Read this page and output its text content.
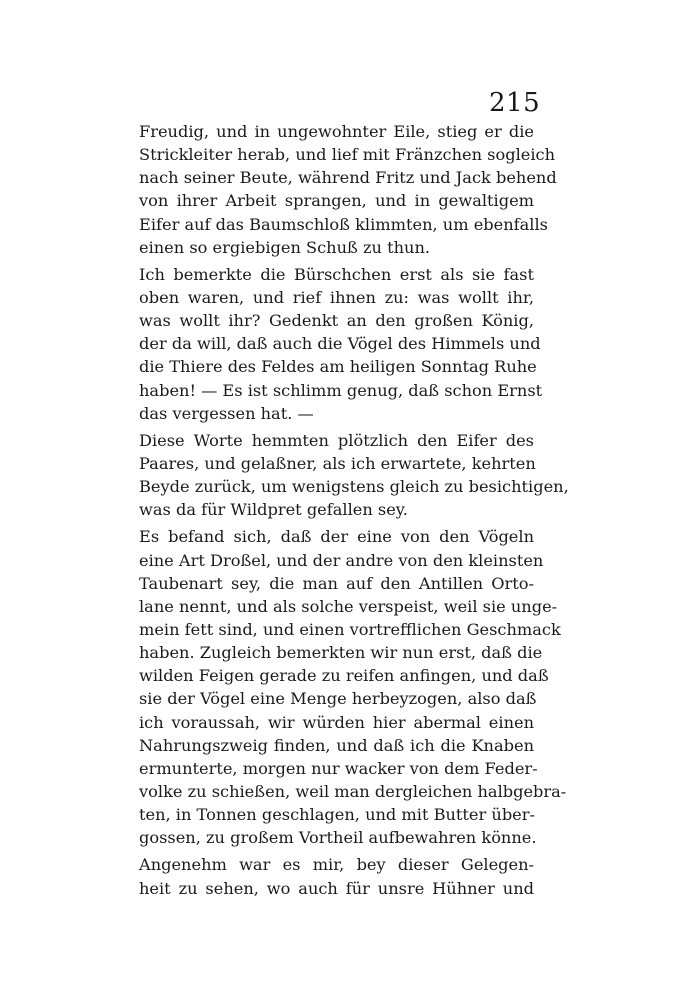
215
Freudig, und in ungewohnter Eile, stieg er die
Strickleiter herab, und lief mit Fränzchen sogleich
nach seiner Beute, während Fritz und Jack behend
von ihrer Arbeit sprangen, und in gewaltigem
Eifer auf das Baumschloß klimmten, um ebenfalls
einen so ergiebigen Schuß zu thun.
Ich bemerkte die Bürschchen erst als sie fast
oben waren, und rief ihnen zu: was wollt ihr,
was wollt ihr? Gedenkt an den großen König,
der da will, daß auch die Vögel des Himmels und
die Thiere des Feldes am heiligen Sonntag Ruhe
haben! — Es ist schlimm genug, daß schon Ernst
das vergessen hat. —
Diese Worte hemmten plötzlich den Eifer des
Paares, und gelaßner, als ich erwartete, kehrten
Beyde zurück, um wenigstens gleich zu besichtigen,
was da für Wildpret gefallen sey.
Es befand sich, daß der eine von den Vögeln
eine Art Droßel, und der andre von den kleinsten
Taubenart sey, die man auf den Antillen Orto-
lane nennt, und als solche verspeist, weil sie unge-
mein fett sind, und einen vortrefflichen Geschmack
haben. Zugleich bemerkten wir nun erst, daß die
wilden Feigen gerade zu reifen anfingen, und daß
sie der Vögel eine Menge herbeyzogen, also daß
ich voraussah, wir würden hier abermal einen
Nahrungszweig finden, und daß ich die Knaben
ermunterte, morgen nur wacker von dem Feder-
volke zu schießen, weil man dergleichen halbgebra-
ten, in Tonnen geschlagen, und mit Butter über-
gossen, zu großem Vortheil aufbewahren könne.
Angenehm war es mir, bey dieser Gelegen-
heit zu sehen, wo auch für unsre Hühner und
